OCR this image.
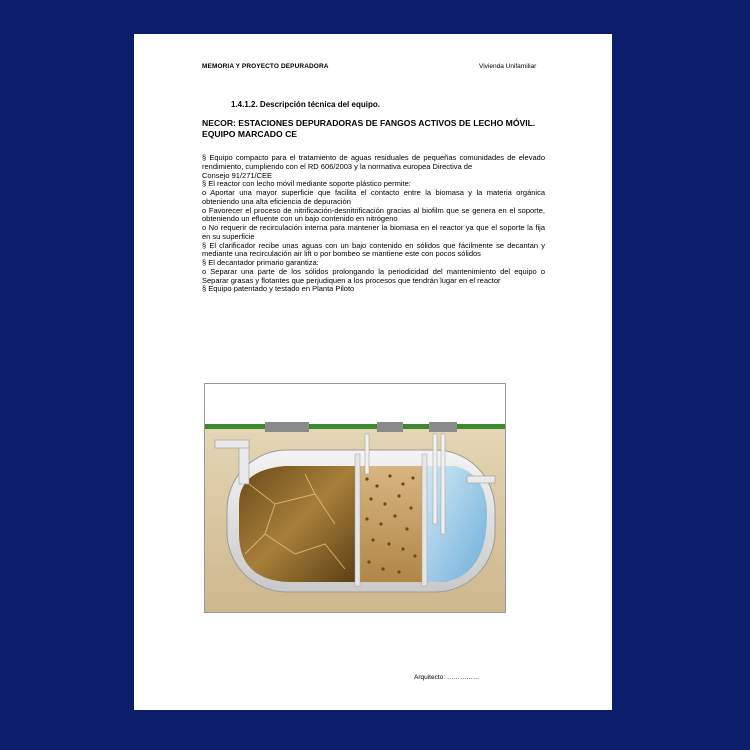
MEMORIA Y PROYECTO DEPURADORA	Vivienda Unifamiliar
1.4.1.2. Descripción técnica del equipo.
NECOR: ESTACIONES DEPURADORAS DE FANGOS ACTIVOS DE LECHO MÓVIL. EQUIPO MARCADO CE

§ Equipo compacto para el tratamiento de aguas residuales de pequeñas comunidades de elevado rendimiento, cumpliendo con el RD 606/2003 y la normativa europea Directiva de

Consejo 91/271/CEE

§ El reactor con lecho móvil mediante soporte plástico permite:

o Aportar una mayor superficie que facilita el contacto entre la biomasa y la materia orgánica obteniendo una alta eficiencia de depuración

o Favorecer el proceso de nitrificación-desnitrificación gracias al biofilm que se genera en el soporte, obteniendo un efluente con un bajo contenido en nitrógeno

o No requerir de recirculación interna para mantener la biomasa en el reactor ya que el soporte la fija en su superficie

§ El clarificador recibe unas aguas con un bajo contenido en sólidos que fácilmente se decantan y mediante una recirculación air lift o por bombeo se mantiene este con pocos sólidos

§ El decantador primario garantiza:

o Separar una parte de los sólidos prolongando la periodicidad del mantenimiento del equipo o Separar grasas y flotantes que perjudiquen a los procesos que tendrán lugar en el reactor

§ Equipo patentado y testado en Planta Piloto

Arquitecto: ……………
